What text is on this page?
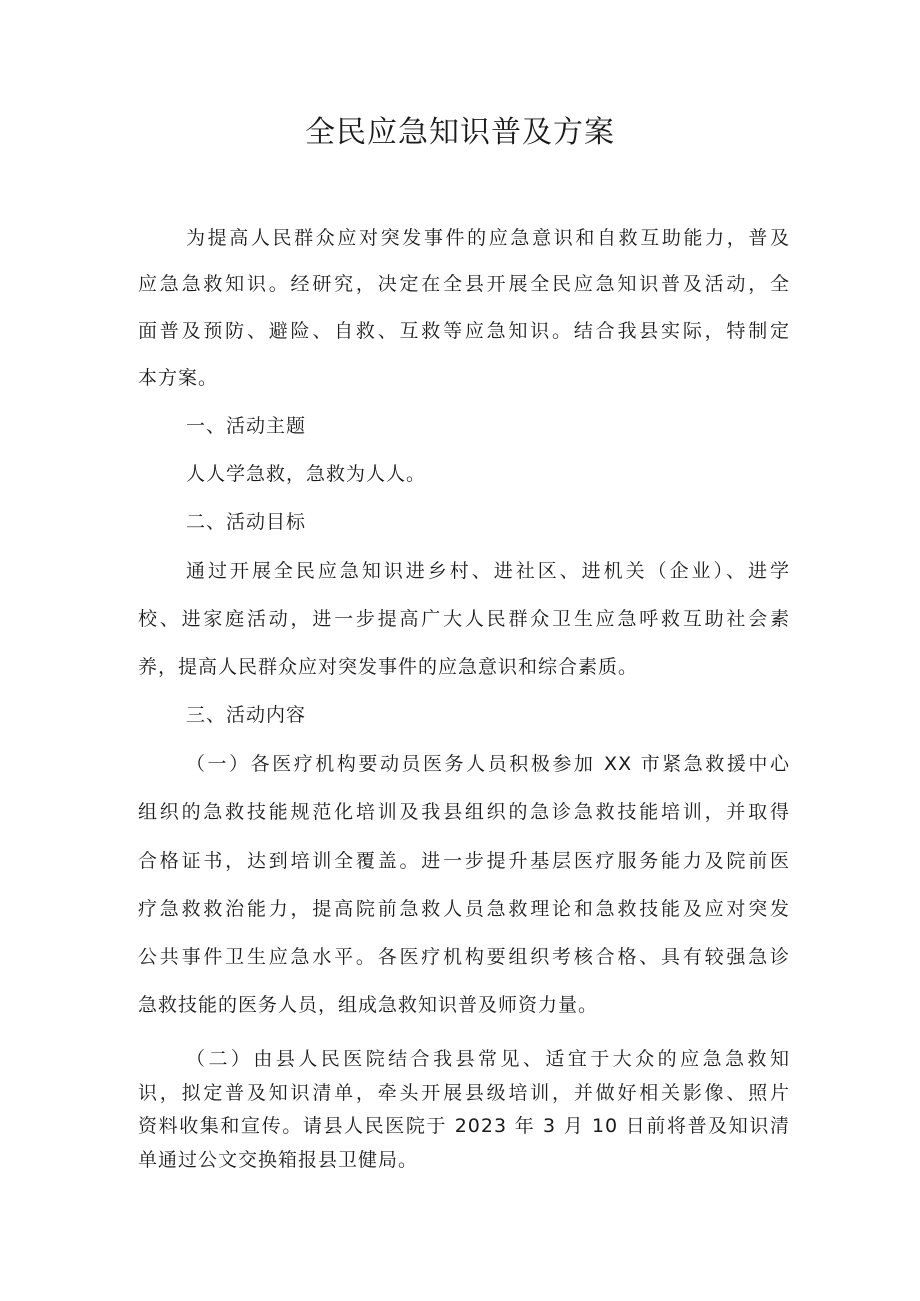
全民应急知识普及方案
为提高人民群众应对突发事件的应急意识和自救互助能力，普及
应急急救知识。经研究，决定在全县开展全民应急知识普及活动，全
面普及预防、避险、自救、互救等应急知识。结合我县实际，特制定
本方案。
一、活动主题
人人学急救，急救为人人。
二、活动目标
通过开展全民应急知识进乡村、进社区、进机关（企业）、进学
校、进家庭活动，进一步提高广大人民群众卫生应急呼救互助社会素
养，提高人民群众应对突发事件的应急意识和综合素质。
三、活动内容
（一）各医疗机构要动员医务人员积极参加 XX 市紧急救援中心
组织的急救技能规范化培训及我县组织的急诊急救技能培训，并取得
合格证书，达到培训全覆盖。进一步提升基层医疗服务能力及院前医
疗急救救治能力，提高院前急救人员急救理论和急救技能及应对突发
公共事件卫生应急水平。各医疗机构要组织考核合格、具有较强急诊
急救技能的医务人员，组成急救知识普及师资力量。
（二）由县人民医院结合我县常见、适宜于大众的应急急救知
识，拟定普及知识清单，牵头开展县级培训，并做好相关影像、照片
资料收集和宣传。请县人民医院于 2023 年 3 月 10 日前将普及知识清
单通过公文交换箱报县卫健局。
